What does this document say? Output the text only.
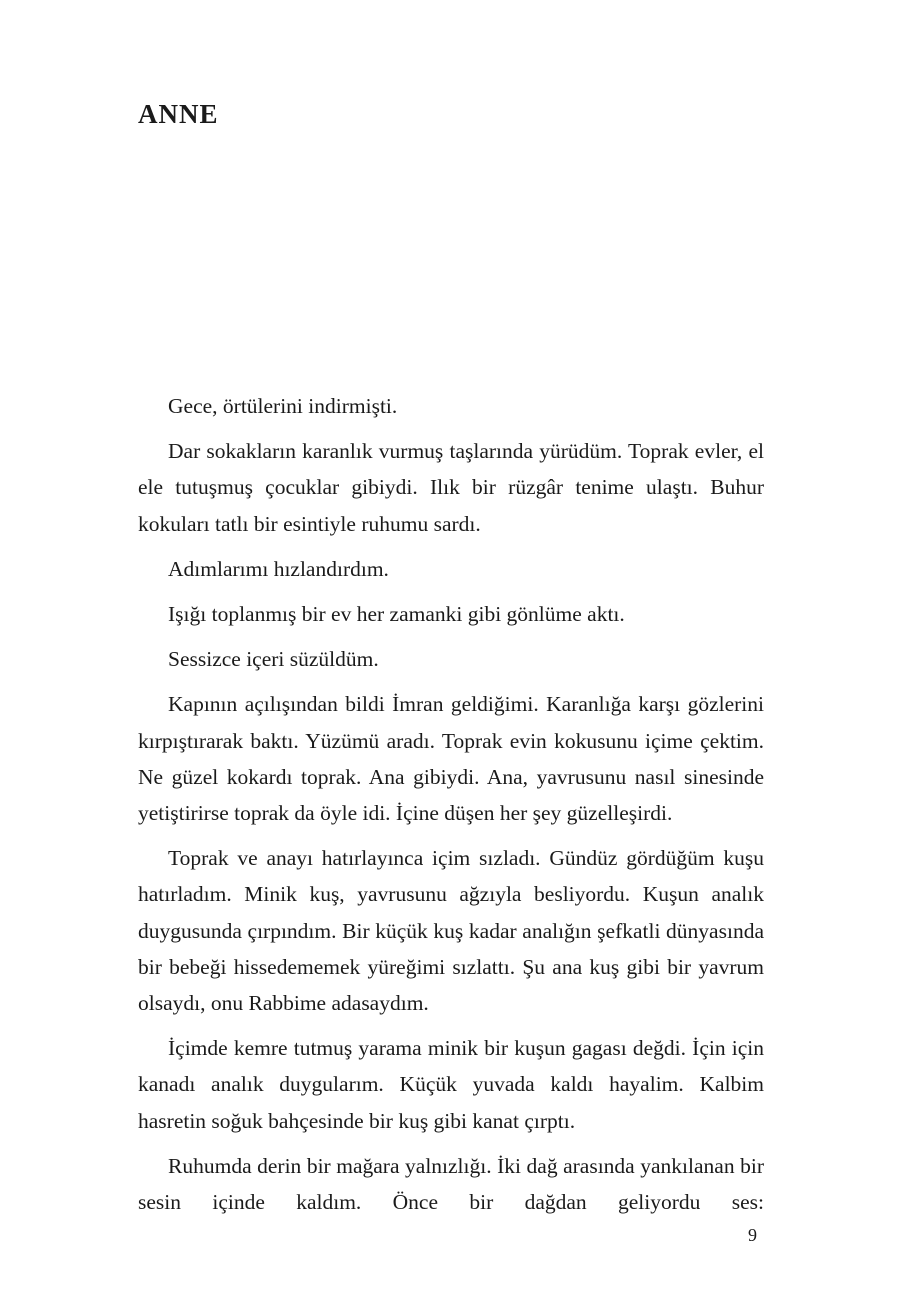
ANNE

Gece, örtülerini indirmişti.

Dar sokakların karanlık vurmuş taşlarında yürüdüm. Toprak evler, el ele tutuşmuş çocuklar gibiydi. Ilık bir rüzgâr tenime ulaştı. Buhur kokuları tatlı bir esintiyle ruhumu sardı.

Adımlarımı hızlandırdım.

Işığı toplanmış bir ev her zamanki gibi gönlüme aktı.

Sessizce içeri süzüldüm.

Kapının açılışından bildi İmran geldiğimi. Karanlığa karşı gözlerini kırpıştırarak baktı. Yüzümü aradı. Toprak evin kokusunu içime çektim. Ne güzel kokardı toprak. Ana gibiydi. Ana, yavrusunu nasıl sinesinde yetiştirirse toprak da öyle idi. İçine düşen her şey güzelleşirdi.

Toprak ve anayı hatırlayınca içim sızladı. Gündüz gördüğüm kuşu hatırladım. Minik kuş, yavrusunu ağzıyla besliyordu. Kuşun analık duygusunda çırpındım. Bir küçük kuş kadar analığın şefkatli dünyasında bir bebeği hissedememek yüreğimi sızlattı. Şu ana kuş gibi bir yavrum olsaydı, onu Rabbime adasaydım.

İçimde kemre tutmuş yarama minik bir kuşun gagası değdi. İçin için kanadı analık duygularım. Küçük yuvada kaldı hayalim. Kalbim hasretin soğuk bahçesinde bir kuş gibi kanat çırptı.

Ruhumda derin bir mağara yalnızlığı. İki dağ arasında yankılanan bir sesin içinde kaldım. Önce bir dağdan geliyordu ses:

9
